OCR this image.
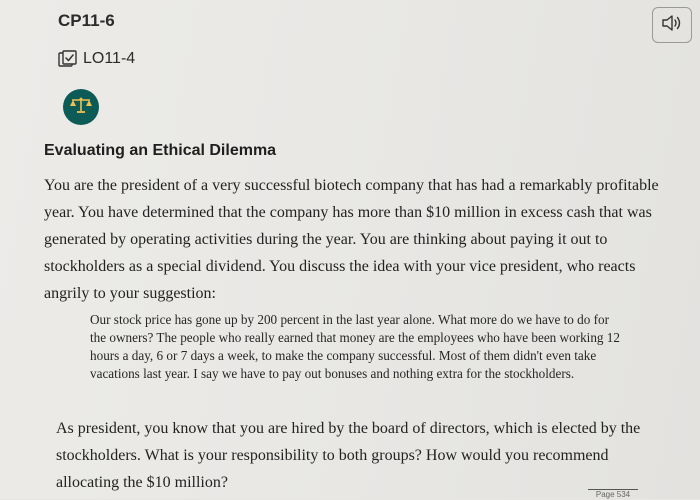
CP11-6
LO11-4
Evaluating an Ethical Dilemma
You are the president of a very successful biotech company that has had a remarkably profitable year. You have determined that the company has more than $10 million in excess cash that was generated by operating activities during the year. You are thinking about paying it out to stockholders as a special dividend. You discuss the idea with your vice president, who reacts angrily to your suggestion:
Our stock price has gone up by 200 percent in the last year alone. What more do we have to do for the owners? The people who really earned that money are the employees who have been working 12 hours a day, 6 or 7 days a week, to make the company successful. Most of them didn't even take vacations last year. I say we have to pay out bonuses and nothing extra for the stockholders.
As president, you know that you are hired by the board of directors, which is elected by the stockholders. What is your responsibility to both groups? How would you recommend allocating the $10 million?
Page 534
